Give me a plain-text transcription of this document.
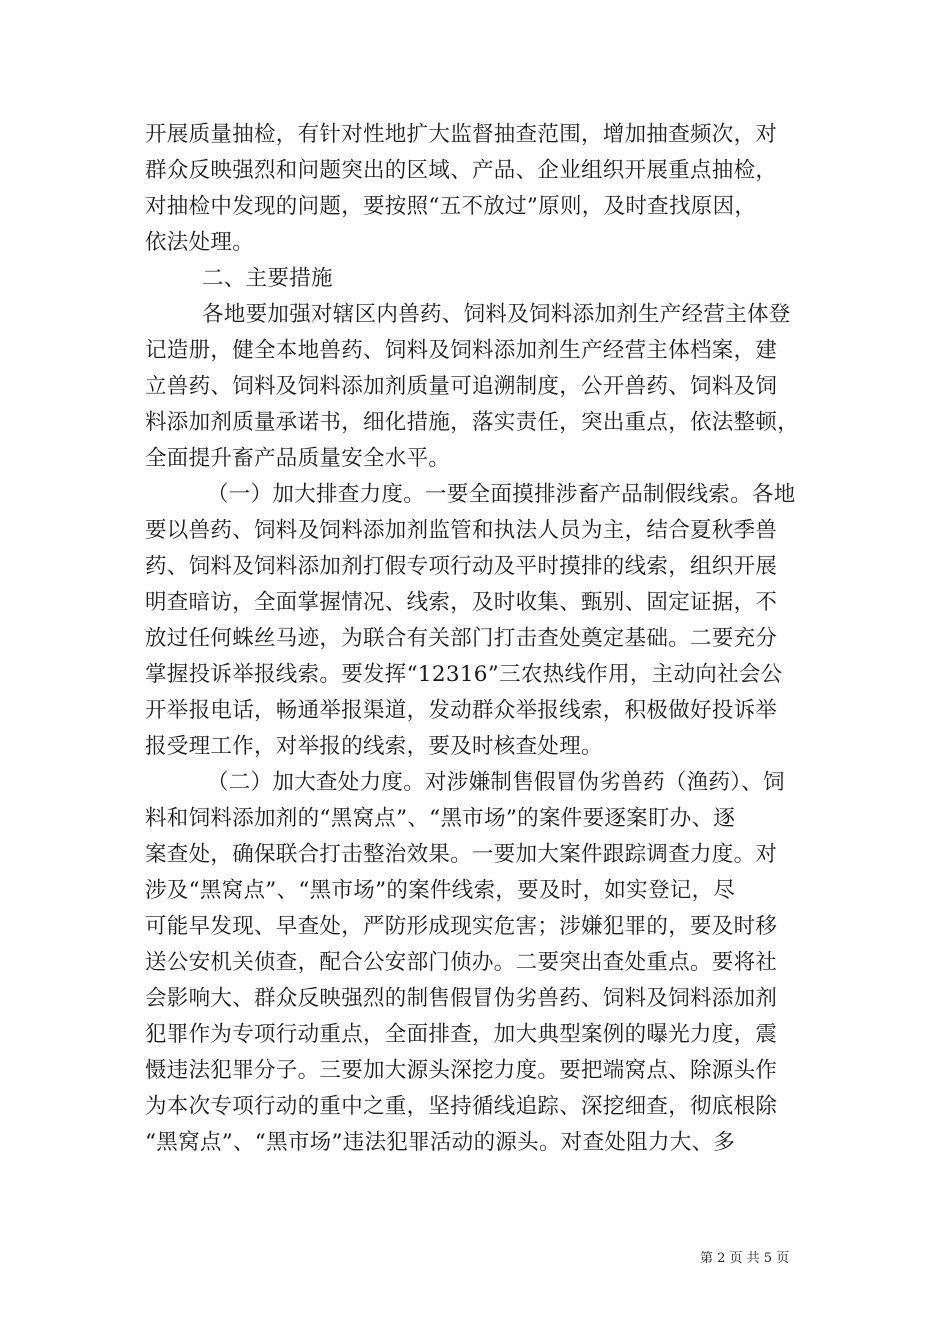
开展质量抽检，有针对性地扩大监督抽查范围，增加抽查频次，对
群众反映强烈和问题突出的区域、产品、企业组织开展重点抽检，
对抽检中发现的问题，要按照“五不放过”原则，及时查找原因，
依法处理。
二、主要措施
各地要加强对辖区内兽药、饲料及饲料添加剂生产经营主体登
记造册，健全本地兽药、饲料及饲料添加剂生产经营主体档案，建
立兽药、饲料及饲料添加剂质量可追溯制度，公开兽药、饲料及饲
料添加剂质量承诺书，细化措施，落实责任，突出重点，依法整顿，
全面提升畜产品质量安全水平。
（一）加大排查力度。一要全面摸排涉畜产品制假线索。各地
要以兽药、饲料及饲料添加剂监管和执法人员为主，结合夏秋季兽
药、饲料及饲料添加剂打假专项行动及平时摸排的线索，组织开展
明查暗访，全面掌握情况、线索，及时收集、甄别、固定证据，不
放过任何蛛丝马迹，为联合有关部门打击查处奠定基础。二要充分
掌握投诉举报线索。要发挥“12316”三农热线作用，主动向社会公
开举报电话，畅通举报渠道，发动群众举报线索，积极做好投诉举
报受理工作，对举报的线索，要及时核查处理。
（二）加大查处力度。对涉嫌制售假冒伪劣兽药（渔药）、饲
料和饲料添加剂的“黑窝点”、“黑市场”的案件要逐案盯办、逐
案查处，确保联合打击整治效果。一要加大案件跟踪调查力度。对
涉及“黑窝点”、“黑市场”的案件线索，要及时，如实登记，尽
可能早发现、早查处，严防形成现实危害；涉嫌犯罪的，要及时移
送公安机关侦查，配合公安部门侦办。二要突出查处重点。要将社
会影响大、群众反映强烈的制售假冒伪劣兽药、饲料及饲料添加剂
犯罪作为专项行动重点，全面排查，加大典型案例的曝光力度，震
慑违法犯罪分子。三要加大源头深挖力度。要把端窝点、除源头作
为本次专项行动的重中之重，坚持循线追踪、深挖细查，彻底根除
“黑窝点”、“黑市场”违法犯罪活动的源头。对查处阻力大、多
第 2 页 共 5 页
